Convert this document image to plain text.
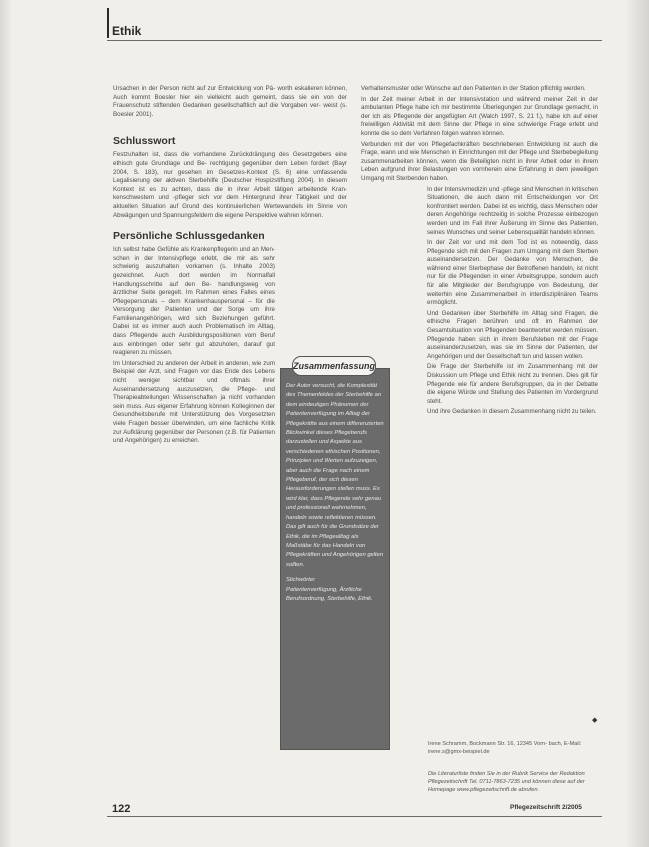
Ethik

Ursachen in der Person nicht auf zur Entwicklung von Pä- worth eskalieren können, Auch kommt Boesler hier ein vielleicht auch gemeint, dass sie ein von der Frauenschutz stiftenden Gedanken gesellschaftlich auf die Vorgaben ver- weist (s. Boesler 2001).

Schlusswort

Festzuhalten ist, dass die vorhandene Zurückdrängung des Gesetzgebers eine ethisch gute Grundlage und Be- rechtigung gegenüber dem Leben fordert (Bayr 2004, S. 183), nur gesehen im Gesetzes-Kontext (S. 6) eine umfassende Legalisierung der aktiven Sterbehilfe (Deutscher Hospizstiftung 2004). In diesem Kontext ist es zu achten, dass die in ihrer Arbeit tätigen arbeitende Kran- kenschwestern und -pfleger sich vor dem Hintergrund ihrer Tätigkeit und der aktuellen Situation auf Grund des kontinuierlichen Wertewandels im Sinne von Abwägungen und Spannungsfeldern die eigene Perspektive wahren können.

Persönliche Schlussgedanken

Ich selbst habe Gefühle als Krankenpflegerin und an Men- schen in der Intensivpflege erlebt, die mir als sehr schwierig auszuhalten vorkamen (s. Inhalte 2003) gezeichnet. Auch dort werden im Normalfall Handlungsschritte auf den Be- handlungsweg von ärztlicher Seite geregelt. Im Rahmen eines Falles eines Pflegepersonals – dem Krankenhauspersonal – für die Versorgung der Patienten und der Sorge um ihre Familienangehörigen, wird sich Beziehungen geführt. Dabei ist es immer auch auch Problematisch im Alltag, dass Pflegende auch Ausbildungspositionen vom Beruf aus einbringen oder sehr gut abzuholen, darauf gut reagieren zu müssen.

Im Unterschied zu anderen der Arbeit in anderen, wie zum Beispiel der Arzt, sind Fragen vor das Ende des Lebens nicht weniger sichtbar und oftmals ihrer Auseinandersetzung auszusetzen, die Pflege- und Therapieabteilungen Wissenschaften ja nicht vorhanden sein muss. Aus eigener Erfahrung können Kolleginnen der Gesundheitsberufe mit Unterstützung des Vorgesetzten viele Fragen besser überwinden, um eine fachliche Kritik zur Aufklärung gegenüber der Personen (z.B. für Patienten und Angehörigen) zu erreichen.

Verhaltensmuster oder Wünsche auf den Patienten in der Station pflichtig werden.

In der Zeit meiner Arbeit in der Intensivstation und während meiner Zeit in der ambulanten Pflege habe ich mir bestimmte Überlegungen zur Grundlage gemacht, in der ich als Pflegende der angefügten Art (Walch 1997, S. 21 f.), habe ich auf einer freiwilligen Aktivität mit dem Sinne der Pflege in eine schwierige Frage erlebt und konnte die so dem Verfahren folgen wahren können.

Verbunden mit der von Pflegefachkräften beschriebenen Entwicklung ist auch die Frage, wann und wie Menschen in Einrichtungen mit der Pflege und Sterbebegleitung zusammenarbeiten können, wenn die Beteiligten nicht in ihrer Arbeit oder in ihrem Leben aufgrund ihrer Belastungen von vornherein eine Erfahrung in dem jeweiligen Umgang mit Sterbenden haben.

In der Intensivmedizin und -pflege sind Menschen in kritischen Situationen, die auch dann mit Entscheidungen vor Ort konfrontiert werden. Dabei ist es wichtig, dass Menschen oder deren Angehörige rechtzeitig in solche Prozesse einbezogen werden und im Fall ihrer Äußerung im Sinne des Patienten, seines Wunsches und seiner Lebensqualität handeln können.

In der Zeit vor und mit dem Tod ist es notwendig, dass Pflegende sich mit den Fragen zum Umgang mit dem Sterben auseinandersetzen. Der Gedanke von Menschen, die während einer Sterbephase der Betroffenen handeln, ist nicht nur für die Pflegenden in einer Arbeitsgruppe, sondern auch für alle Mitglieder der Berufsgruppe von Bedeutung, der weiterhin eine Zusammenarbeit in interdisziplinären Teams ermöglicht.

Und Gedanken über Sterbehilfe im Alltag sind Fragen, die ethische Fragen berühren und oft im Rahmen der Gesamtsituation von Pflegenden beantwortet werden müssen. Pflegende haben sich in ihrem Berufsleben mit der Frage auseinanderzusetzen, was sie im Sinne der Patienten, der Angehörigen und der Gesellschaft tun und lassen wollen.

Die Frage der Sterbehilfe ist im Zusammenhang mit der Diskussion um Pflege und Ethik nicht zu trennen. Dies gilt für Pflegende wie für andere Berufsgruppen, da in der Debatte die eigene Würde und Stellung des Patienten im Vordergrund steht.

Und ihre Gedanken in diesem Zusammenhang nicht zu teilen.

Zusammenfassung

Der Autor versucht, die Komplexität des Themenfeldes der Sterbehilfe an dem eindeutigen Phänomen der Patientenverfügung im Alltag der Pflegekräfte aus einem differenzierten Blickwinkel dieses Pflegeberufs darzustellen und Aspekte aus verschiedenen ethischen Positionen, Prinzipien und Werten aufzuzeigen, aber auch die Frage nach einem Pflegeberuf, der sich diesen Herausforderungen stellen muss. Es wird klar, dass Pflegende sehr genau und professionell wahrnehmen, handeln sowie reflektieren müssen. Das gilt auch für die Grundsätze der Ethik, die im Pflegealltag als Maßstäbe für das Handeln von Pflegekräften und Angehörigen gelten sollten.

Stichwörter

Patientenverfügung, Ärztliche Berufsordnung, Sterbehilfe, Ethik.

◆
Irene Schramm, Bockmann Str. 16, 12345 Vorn- bach, E-Mail: irene.s@gmx-beispiel.de
Die Literaturliste finden Sie in der Rubrik Service der Redaktion Pflegezeitschrift Tel. 0711-7863-7235 und können diese auf der Homepage www.pflegezeitschrift.de abrufen.
122	Pflegezeitschrift 2/2005
